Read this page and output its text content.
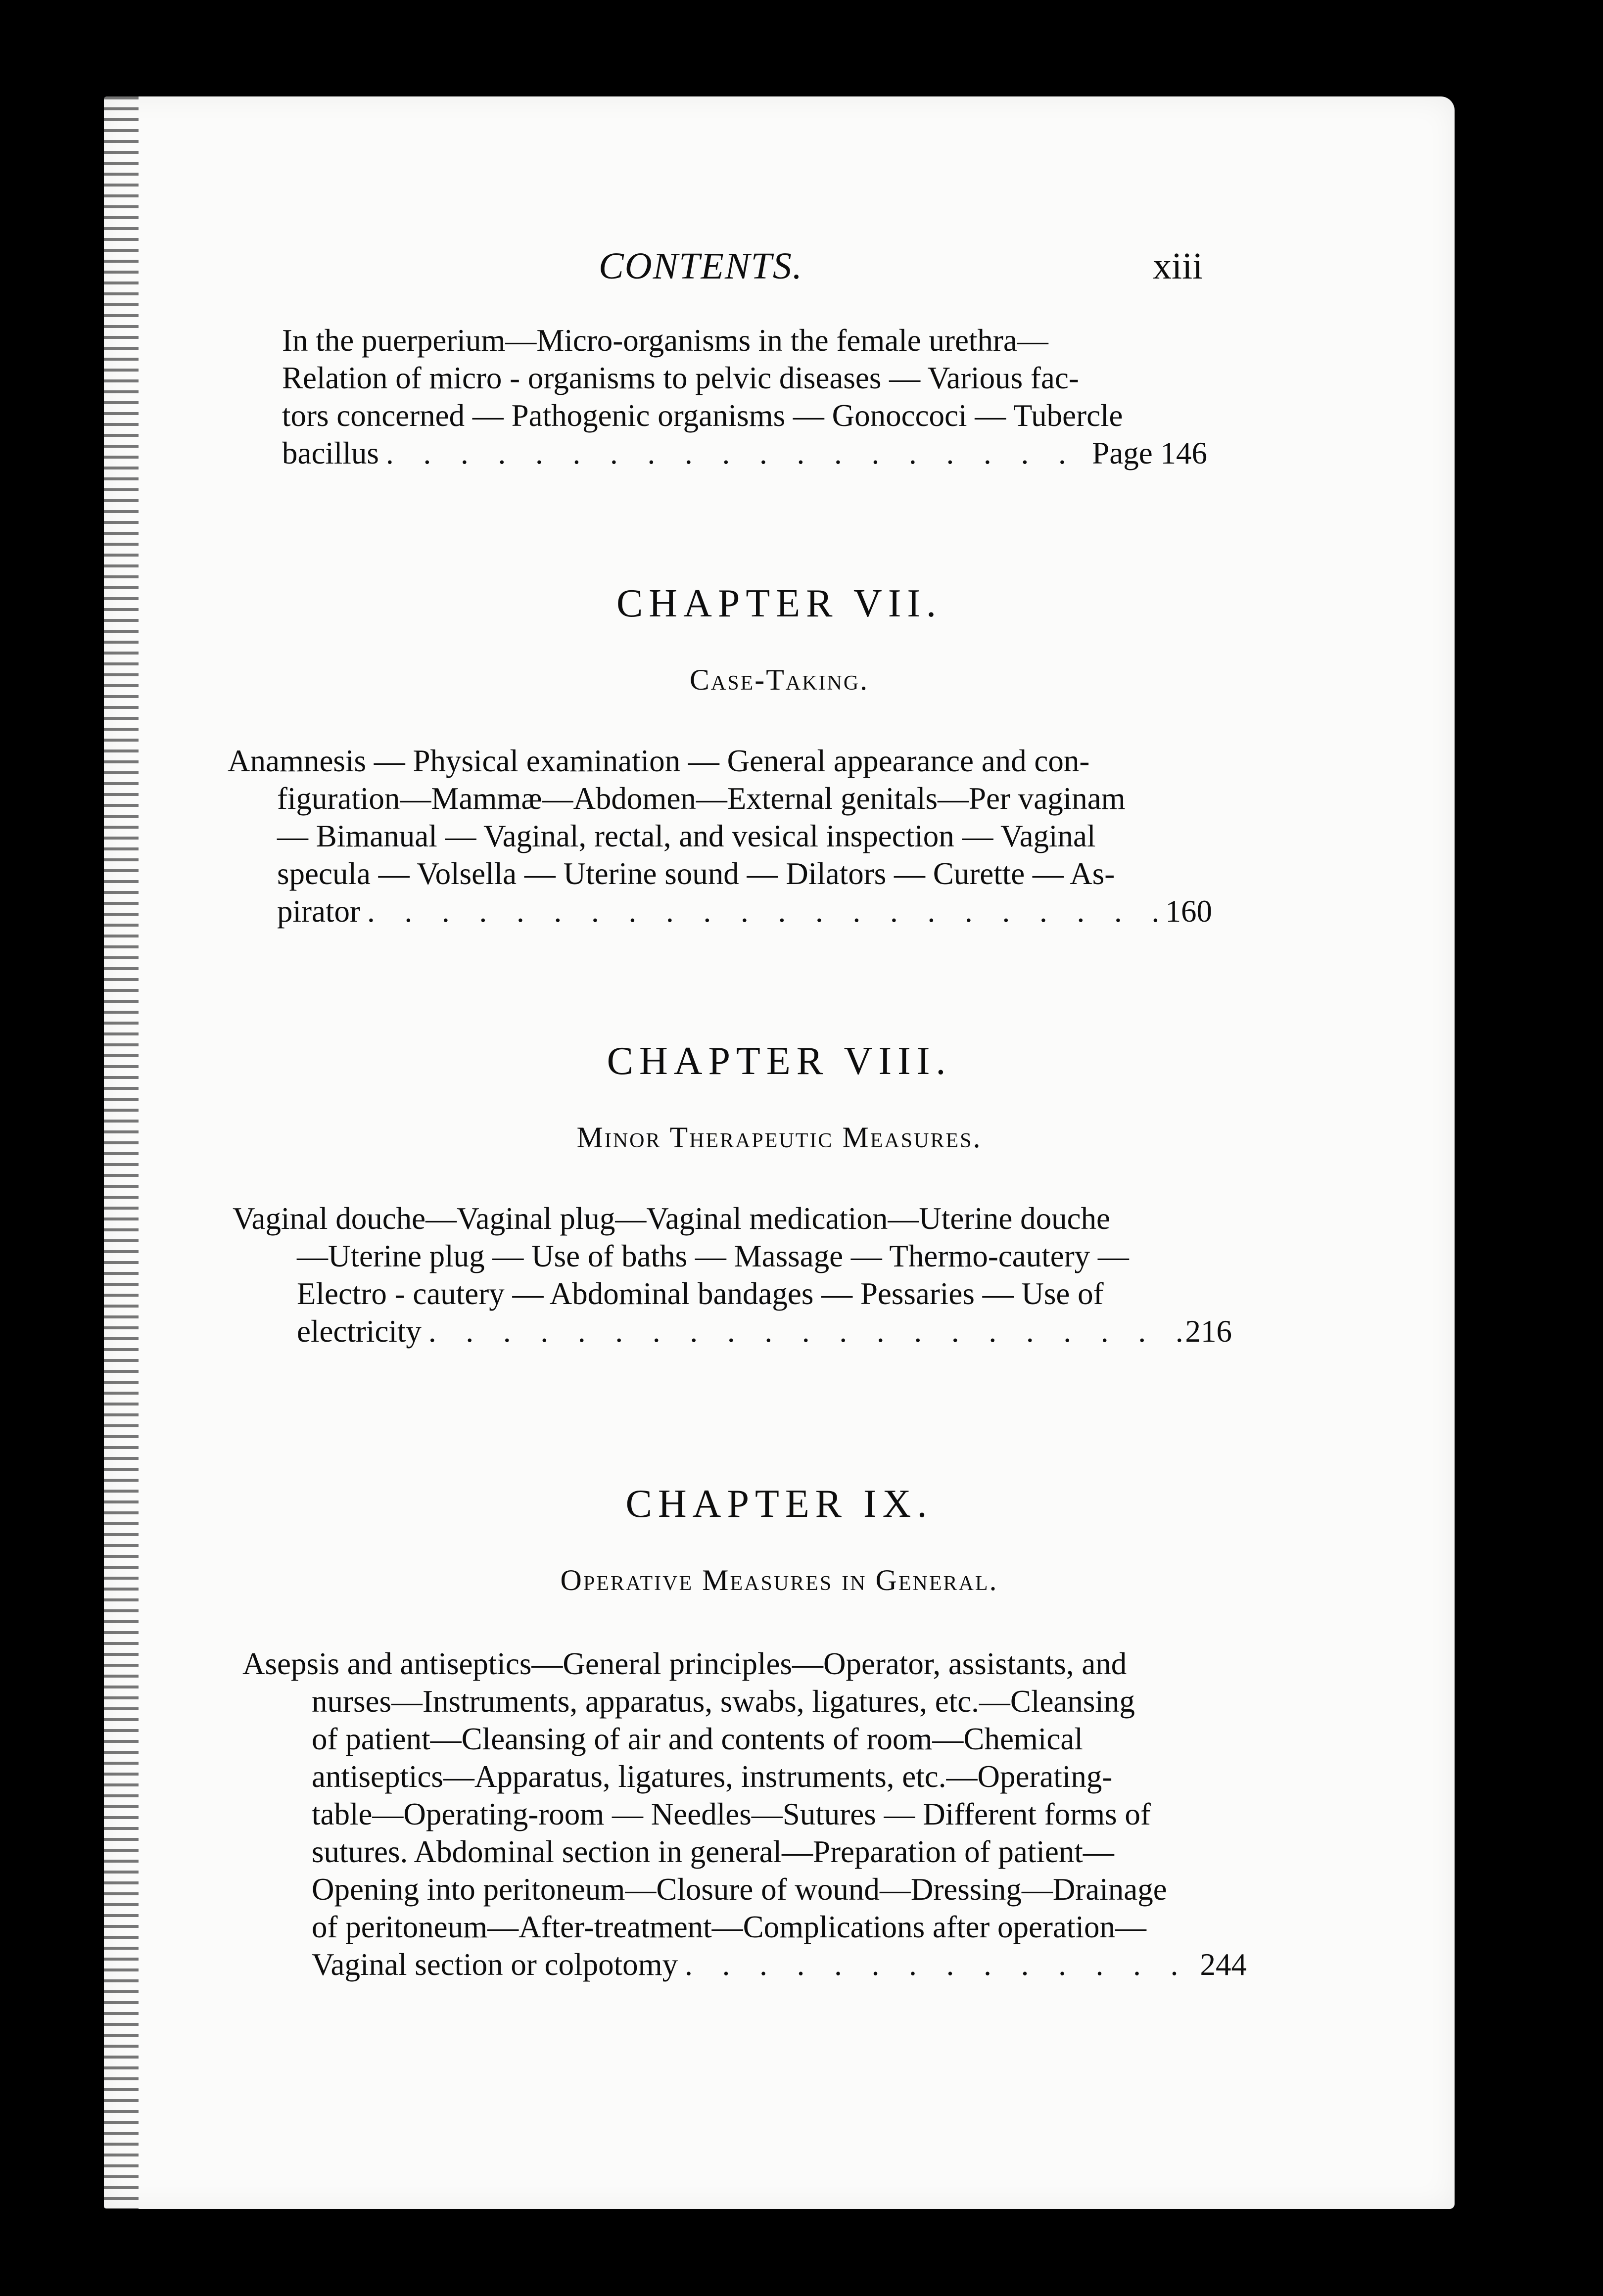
CONTENTS.	xiii
In the puerperium—Micro-organisms in the female urethra—
Relation of micro - organisms to pelvic diseases — Various fac-
tors concerned — Pathogenic organisms — Gonoccoci — Tubercle
bacillus . . .	Page 146
CHAPTER VII.
Case-Taking.
Anamnesis — Physical examination — General appearance and con-
figuration—Mammæ—Abdomen—External genitals—Per vaginam
— Bimanual — Vaginal, rectal, and vesical inspection — Vaginal
specula — Volsella — Uterine sound — Dilators — Curette — As-
pirator . . .	160
CHAPTER VIII.
Minor Therapeutic Measures.
Vaginal douche—Vaginal plug—Vaginal medication—Uterine douche
—Uterine plug — Use of baths — Massage — Thermo-cautery —
Electro - cautery — Abdominal bandages — Pessaries — Use of
electricity . . .	216
CHAPTER IX.
Operative Measures in General.
Asepsis and antiseptics—General principles—Operator, assistants, and
nurses—Instruments, apparatus, swabs, ligatures, etc.—Cleansing
of patient—Cleansing of air and contents of room—Chemical
antiseptics—Apparatus, ligatures, instruments, etc.—Operating-
table—Operating-room — Needles—Sutures — Different forms of
sutures. Abdominal section in general—Preparation of patient—
Opening into peritoneum—Closure of wound—Dressing—Drainage
of peritoneum—After-treatment—Complications after operation—
Vaginal section or colpotomy . . .	244
